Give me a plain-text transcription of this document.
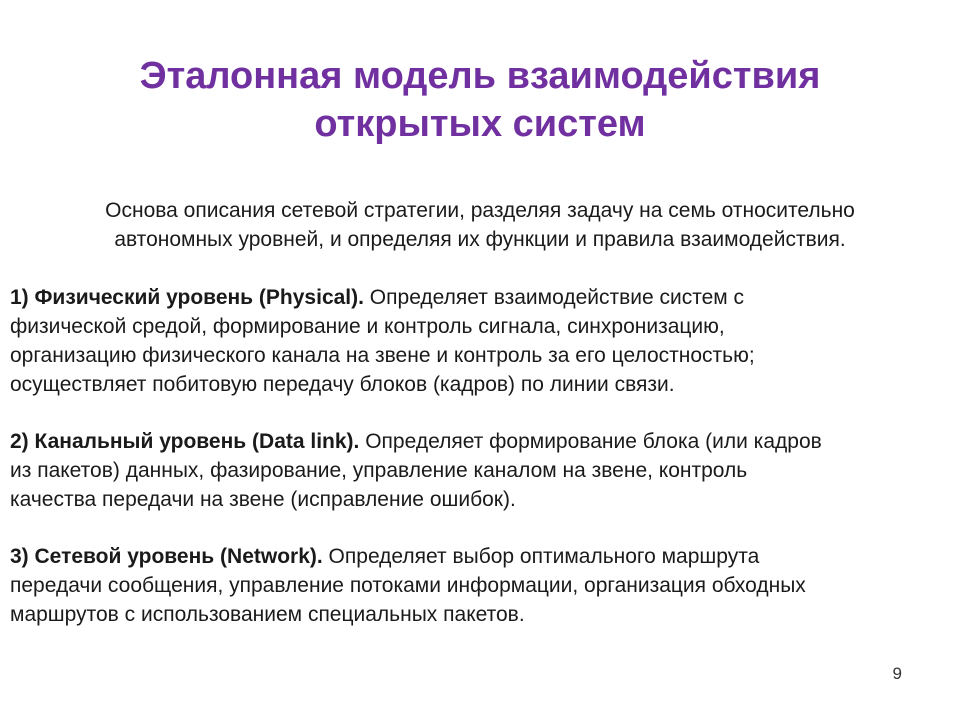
Эталонная модель взаимодействия
открытых систем
Основа описания сетевой стратегии, разделяя задачу на семь относительно
автономных уровней, и определяя их функции и правила взаимодействия.
1) Физический уровень (Physical). Определяет взаимодействие систем с
физической средой, формирование и контроль сигнала, синхронизацию,
организацию физического канала на звене и контроль за его целостностью;
осуществляет побитовую передачу блоков (кадров) по линии связи.
2) Канальный уровень (Data link). Определяет формирование блока (или кадров
из пакетов) данных, фазирование, управление каналом на звене, контроль
качества передачи на звене (исправление ошибок).
3) Сетевой уровень (Network). Определяет выбор оптимального маршрута
передачи сообщения, управление потоками информации, организация обходных
маршрутов с использованием специальных пакетов.
9
